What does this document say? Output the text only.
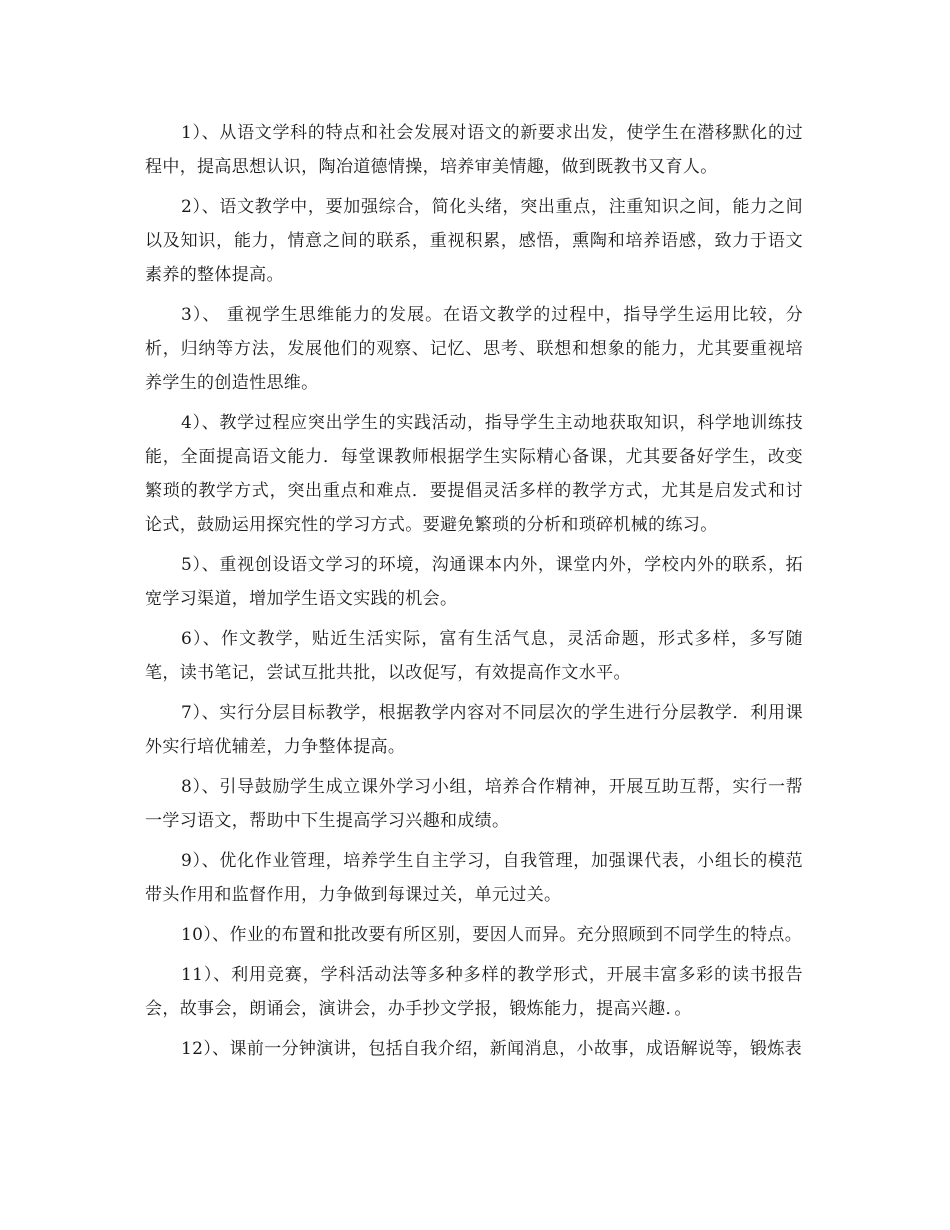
1）、从语文学科的特点和社会发展对语文的新要求出发，使学生在潜移默化的过程中，提高思想认识，陶冶道德情操，培养审美情趣，做到既教书又育人。

2）、语文教学中，要加强综合，简化头绪，突出重点，注重知识之间，能力之间以及知识，能力，情意之间的联系，重视积累，感悟，熏陶和培养语感，致力于语文素养的整体提高。

3）、 重视学生思维能力的发展。在语文教学的过程中，指导学生运用比较，分析，归纳等方法，发展他们的观察、记忆、思考、联想和想象的能力，尤其要重视培养学生的创造性思维。

4）、教学过程应突出学生的实践活动，指导学生主动地获取知识，科学地训练技能，全面提高语文能力．每堂课教师根据学生实际精心备课，尤其要备好学生，改变繁琐的教学方式，突出重点和难点．要提倡灵活多样的教学方式，尤其是启发式和讨论式，鼓励运用探究性的学习方式。要避免繁琐的分析和琐碎机械的练习。

5）、重视创设语文学习的环境，沟通课本内外，课堂内外，学校内外的联系，拓宽学习渠道，增加学生语文实践的机会。

6）、作文教学，贴近生活实际，富有生活气息，灵活命题，形式多样，多写随笔，读书笔记，尝试互批共批，以改促写，有效提高作文水平。

7）、实行分层目标教学，根据教学内容对不同层次的学生进行分层教学．利用课外实行培优辅差，力争整体提高。

8）、引导鼓励学生成立课外学习小组，培养合作精神，开展互助互帮，实行一帮一学习语文，帮助中下生提高学习兴趣和成绩。

9）、优化作业管理，培养学生自主学习，自我管理，加强课代表，小组长的模范带头作用和监督作用，力争做到每课过关，单元过关。

10）、作业的布置和批改要有所区别，要因人而异。充分照顾到不同学生的特点。

11）、利用竞赛，学科活动法等多种多样的教学形式，开展丰富多彩的读书报告会，故事会，朗诵会，演讲会，办手抄文学报，锻炼能力，提高兴趣．。

12）、课前一分钟演讲，包括自我介绍，新闻消息，小故事，成语解说等，锻炼表
